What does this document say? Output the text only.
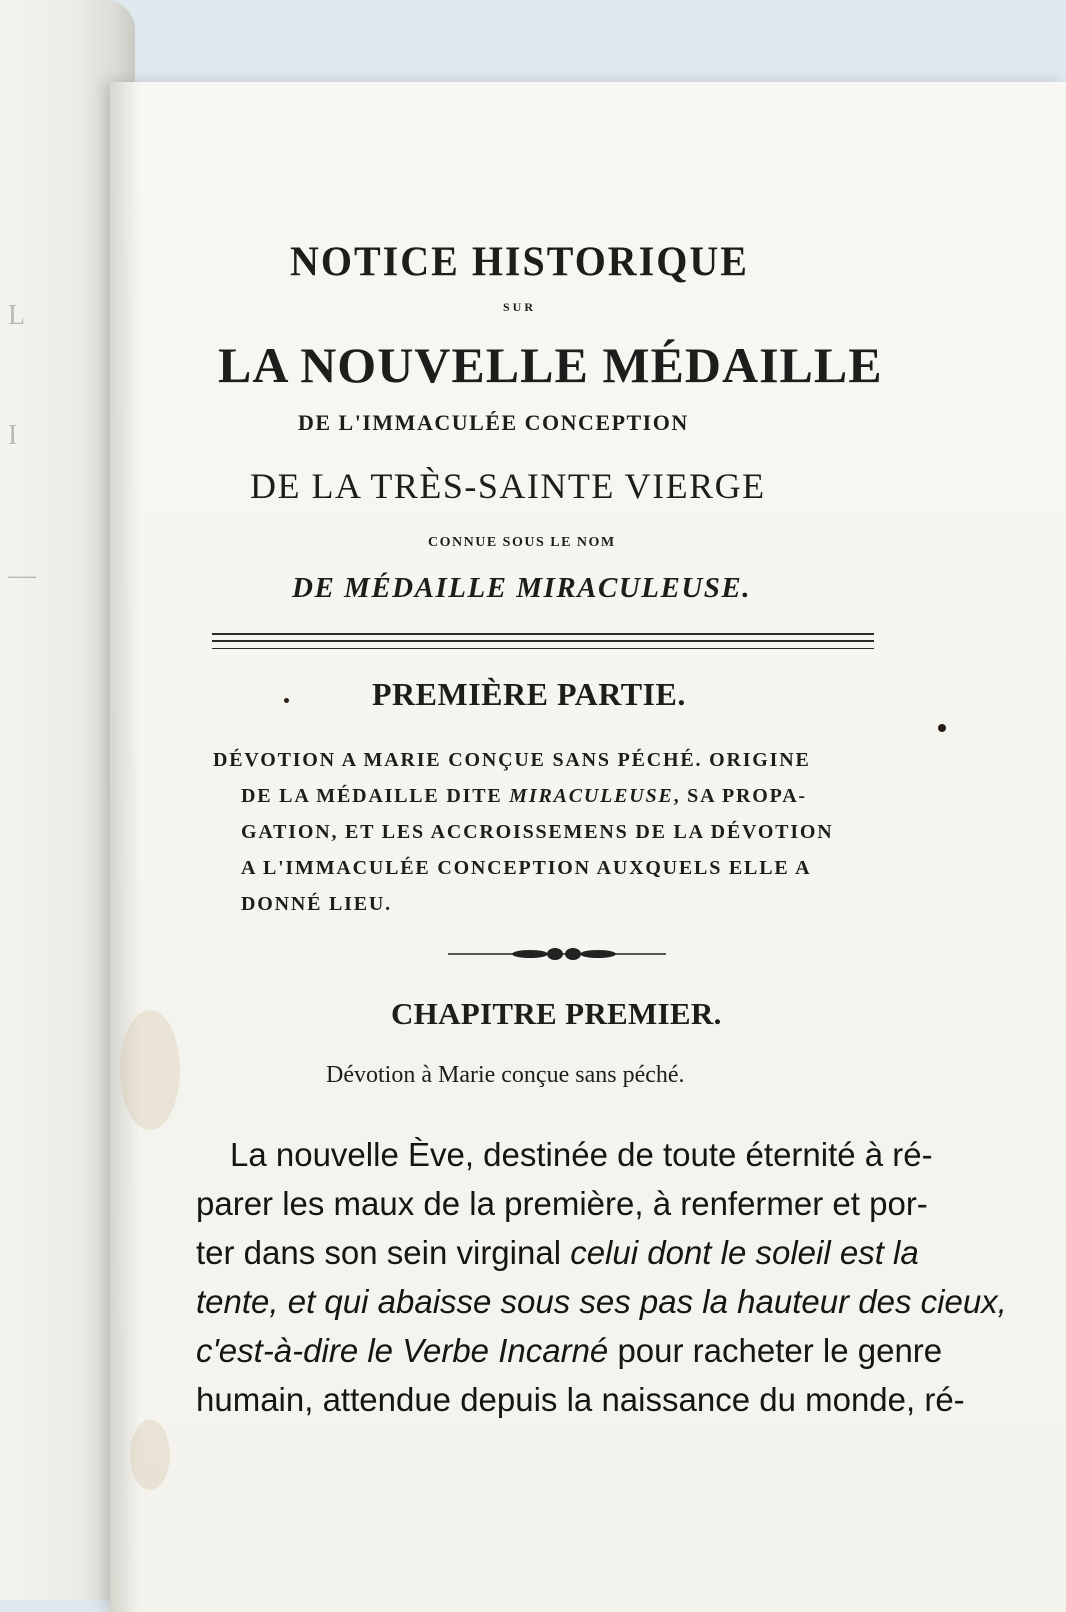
L
I
—
NOTICE HISTORIQUE
SUR
LA NOUVELLE MÉDAILLE
DE L'IMMACULÉE CONCEPTION
DE LA TRÈS-SAINTE VIERGE
CONNUE SOUS LE NOM
DE MÉDAILLE MIRACULEUSE.
PREMIÈRE PARTIE.
DÉVOTION A MARIE CONÇUE SANS PÉCHÉ. ORIGINE
DE LA MÉDAILLE DITE MIRACULEUSE, SA PROPA-
GATION, ET LES ACCROISSEMENS DE LA DÉVOTION
A L'IMMACULÉE CONCEPTION AUXQUELS ELLE A
DONNÉ LIEU.
CHAPITRE PREMIER.
Dévotion à Marie conçue sans péché.
La nouvelle Ève, destinée de toute éternité à ré-
parer les maux de la première, à renfermer et por-
ter dans son sein virginal celui dont le soleil est la
tente, et qui abaisse sous ses pas la hauteur des cieux,
c'est-à-dire le Verbe Incarné pour racheter le genre
humain, attendue depuis la naissance du monde, ré-
